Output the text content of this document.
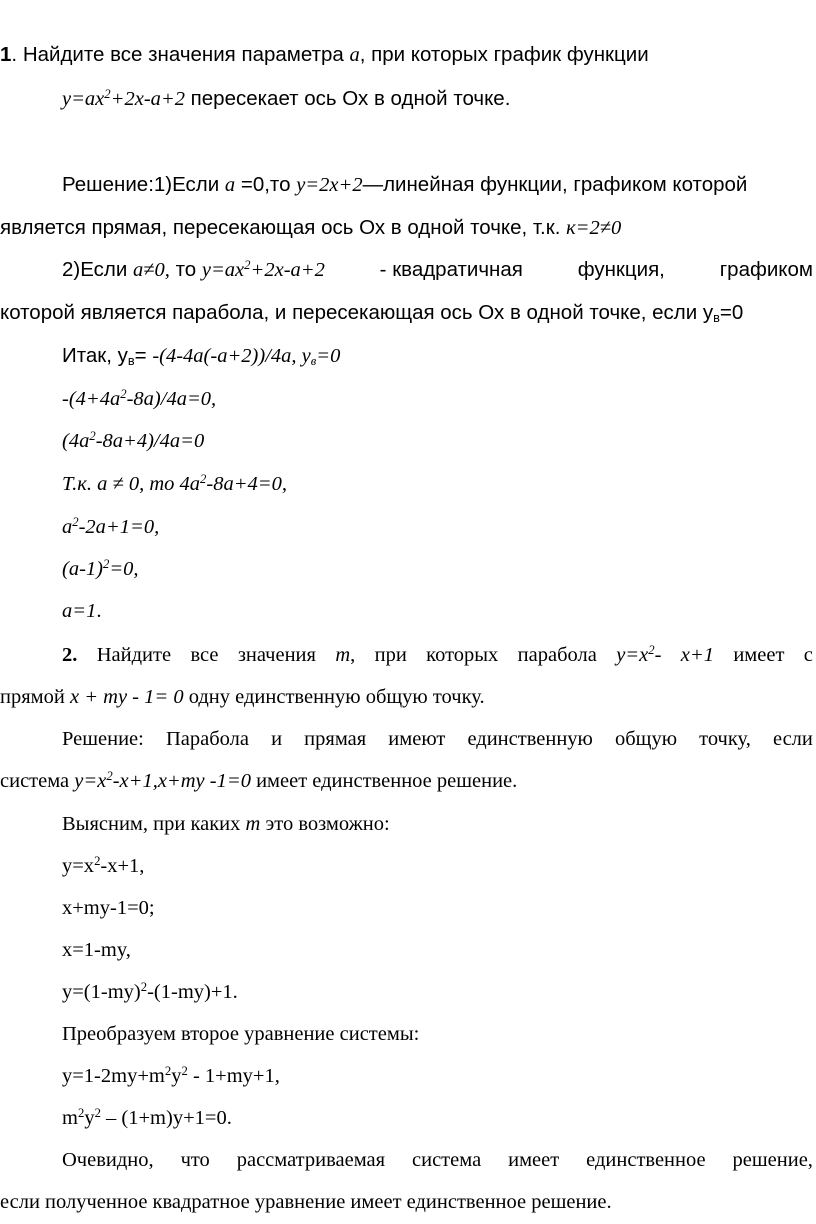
1. Найдите все значения параметра a, при которых график функции
$y=ax^2+2x-a+2$ пересекает ось Ох в одной точке.
Решение:1)Если a =0,то y=2x+2—линейная функции, графиком которой
является прямая, пересекающая ось Ох в одной точке, т.к. к=2≠0
2)Если a≠0, то $y=ax^2+2x-a+2$	- квадратичная	функция,	графиком
которой является парабола, и пересекающая ось Ох в одной точке, если $у_в=0$
Итак, $у_в= -(4-4a(-a+2))/4a$, $у_в=0$
$-(4+4a^2-8a)/4a=0$,
$(4a^2-8a+4)/4a=0$
Т.к. a ≠ 0, то $4a^2-8a+4=0$,
$a^2-2a+1=0$,
$(a-1)^2=0$,
a=1.
2. Найдите все значения m, при которых парабола $y=x^2-$ x+1 имеет с
прямой x + my - 1= 0 одну единственную общую точку.
Решение: Парабола и прямая имеют единственную общую точку, если
система $y=x^2-x+1,x+my$ -1=0 имеет единственное решение.
Выясним, при каких m это возможно:
$y=x^2-x+1$,
x+my-1=0;
x=1-my,
$y=(1-my)^2-(1-my)+1$.
Преобразуем второе уравнение системы:
$y=1-2my+m^2y^2 - 1+my+1$,
$m^2y^2 - (1+m)y+1=0$.
Очевидно, что рассматриваемая система имеет единственное решение,
если полученное квадратное уравнение имеет единственное решение.
